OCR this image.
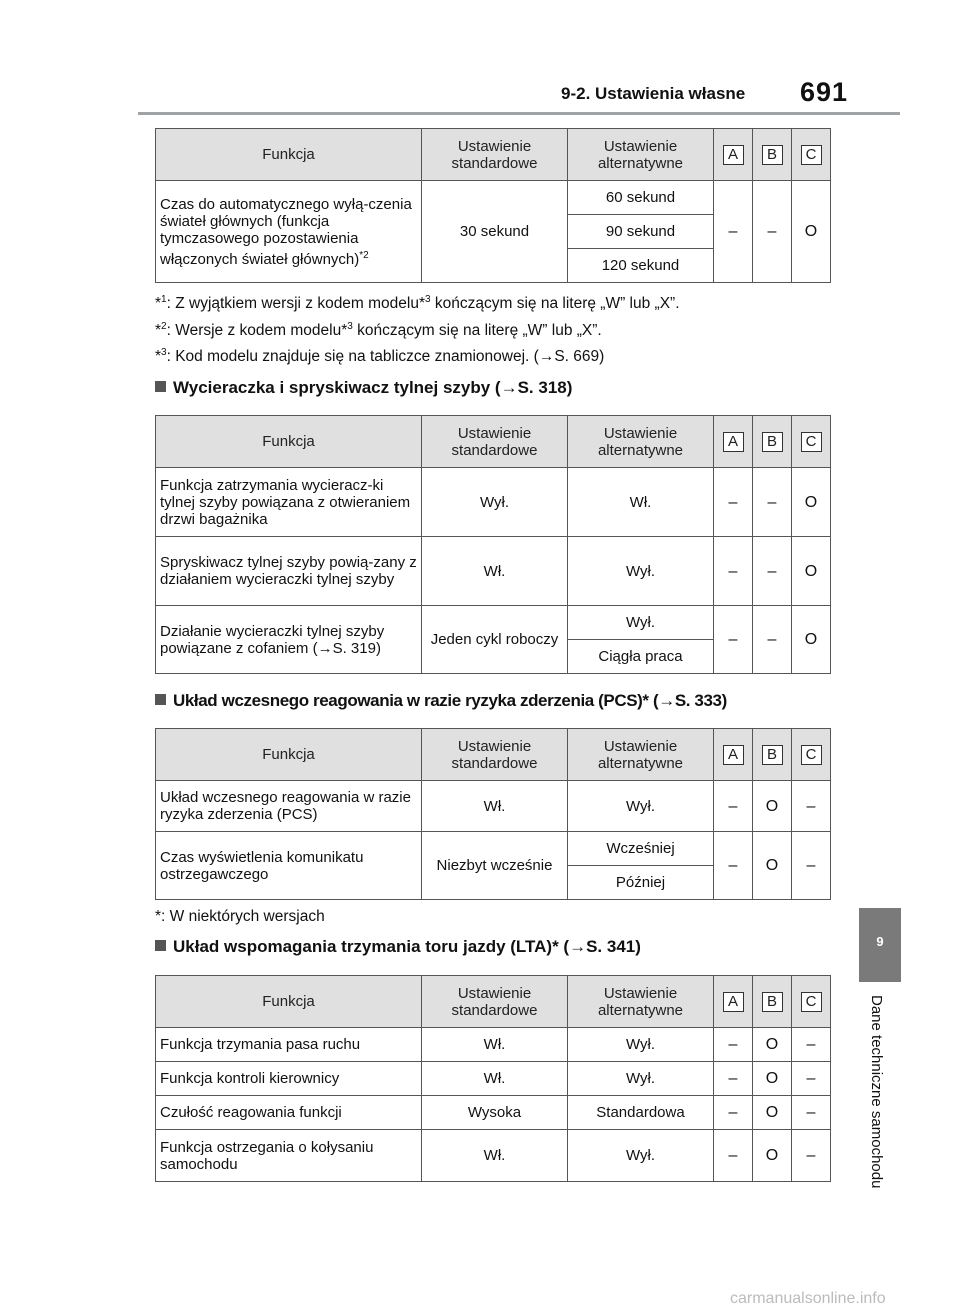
9-2. Ustawienia własne 691
Funkcja	Ustawienie standardowe	Ustawienie alternatywne	A	B	C
Czas do automatycznego wyłą-czenia świateł głównych (funkcja tymczasowego pozostawienia włączonych świateł głównych)$^{*2}$	30 sekund	60 sekund	–	–	O
		90 sekund			
		120 sekund			
*$^1$: Z wyjątkiem wersji z kodem modelu*$^3$ kończącym się na literę „W” lub „X”.
*$^2$: Wersje z kodem modelu*$^3$ kończącym się na literę „W” lub „X”.
*$^3$: Kod modelu znajduje się na tabliczce znamionowej. (→S. 669)
Wycieraczka i spryskiwacz tylnej szyby (→S. 318)
Funkcja	Ustawienie standardowe	Ustawienie alternatywne	A	B	C
Funkcja zatrzymania wycieracz-ki tylnej szyby powiązana z otwieraniem drzwi bagażnika	Wył.	Wł.	–	–	O
Spryskiwacz tylnej szyby powią-zany z działaniem wycieraczki tylnej szyby	Wł.	Wył.	–	–	O
Działanie wycieraczki tylnej szyby powiązane z cofaniem (→S. 319)	Jeden cykl roboczy	Wył.	–	–	O
		Ciągła praca			
Układ wczesnego reagowania w razie ryzyka zderzenia (PCS)* (→S. 333)
Funkcja	Ustawienie standardowe	Ustawienie alternatywne	A	B	C
Układ wczesnego reagowania w razie ryzyka zderzenia (PCS)	Wł.	Wył.	–	O	–
Czas wyświetlenia komunikatu ostrzegawczego	Niezbyt wcześnie	Wcześniej	–	O	–
		Później			
*: W niektórych wersjach
Układ wspomagania trzymania toru jazdy (LTA)* (→S. 341)
Funkcja	Ustawienie standardowe	Ustawienie alternatywne	A	B	C
Funkcja trzymania pasa ruchu	Wł.	Wył.	–	O	–
Funkcja kontroli kierownicy	Wł.	Wył.	–	O	–
Czułość reagowania funkcji	Wysoka	Standardowa	–	O	–
Funkcja ostrzegania o kołysaniu samochodu	Wł.	Wył.	–	O	–
9
Dane techniczne samochodu
carmanualsonline.info
